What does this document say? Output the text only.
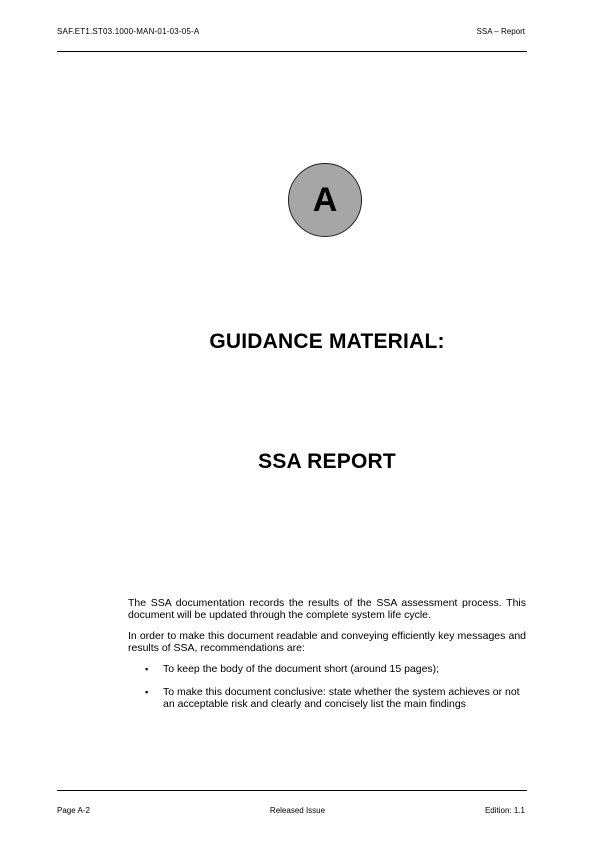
SAF.ET1.ST03.1000-MAN-01-03-05-A	SSA – Report
A
GUIDANCE MATERIAL:
SSA REPORT

The SSA documentation records the results of the SSA assessment process. This document will be updated through the complete system life cycle.

In order to make this document readable and conveying efficiently key messages and results of SSA, recommendations are:

▪ To keep the body of the document short (around 15 pages);
▪ To make this document conclusive: state whether the system achieves or not an acceptable risk and clearly and concisely list the main findings
Page A-2	Released Issue	Edition: 1.1
